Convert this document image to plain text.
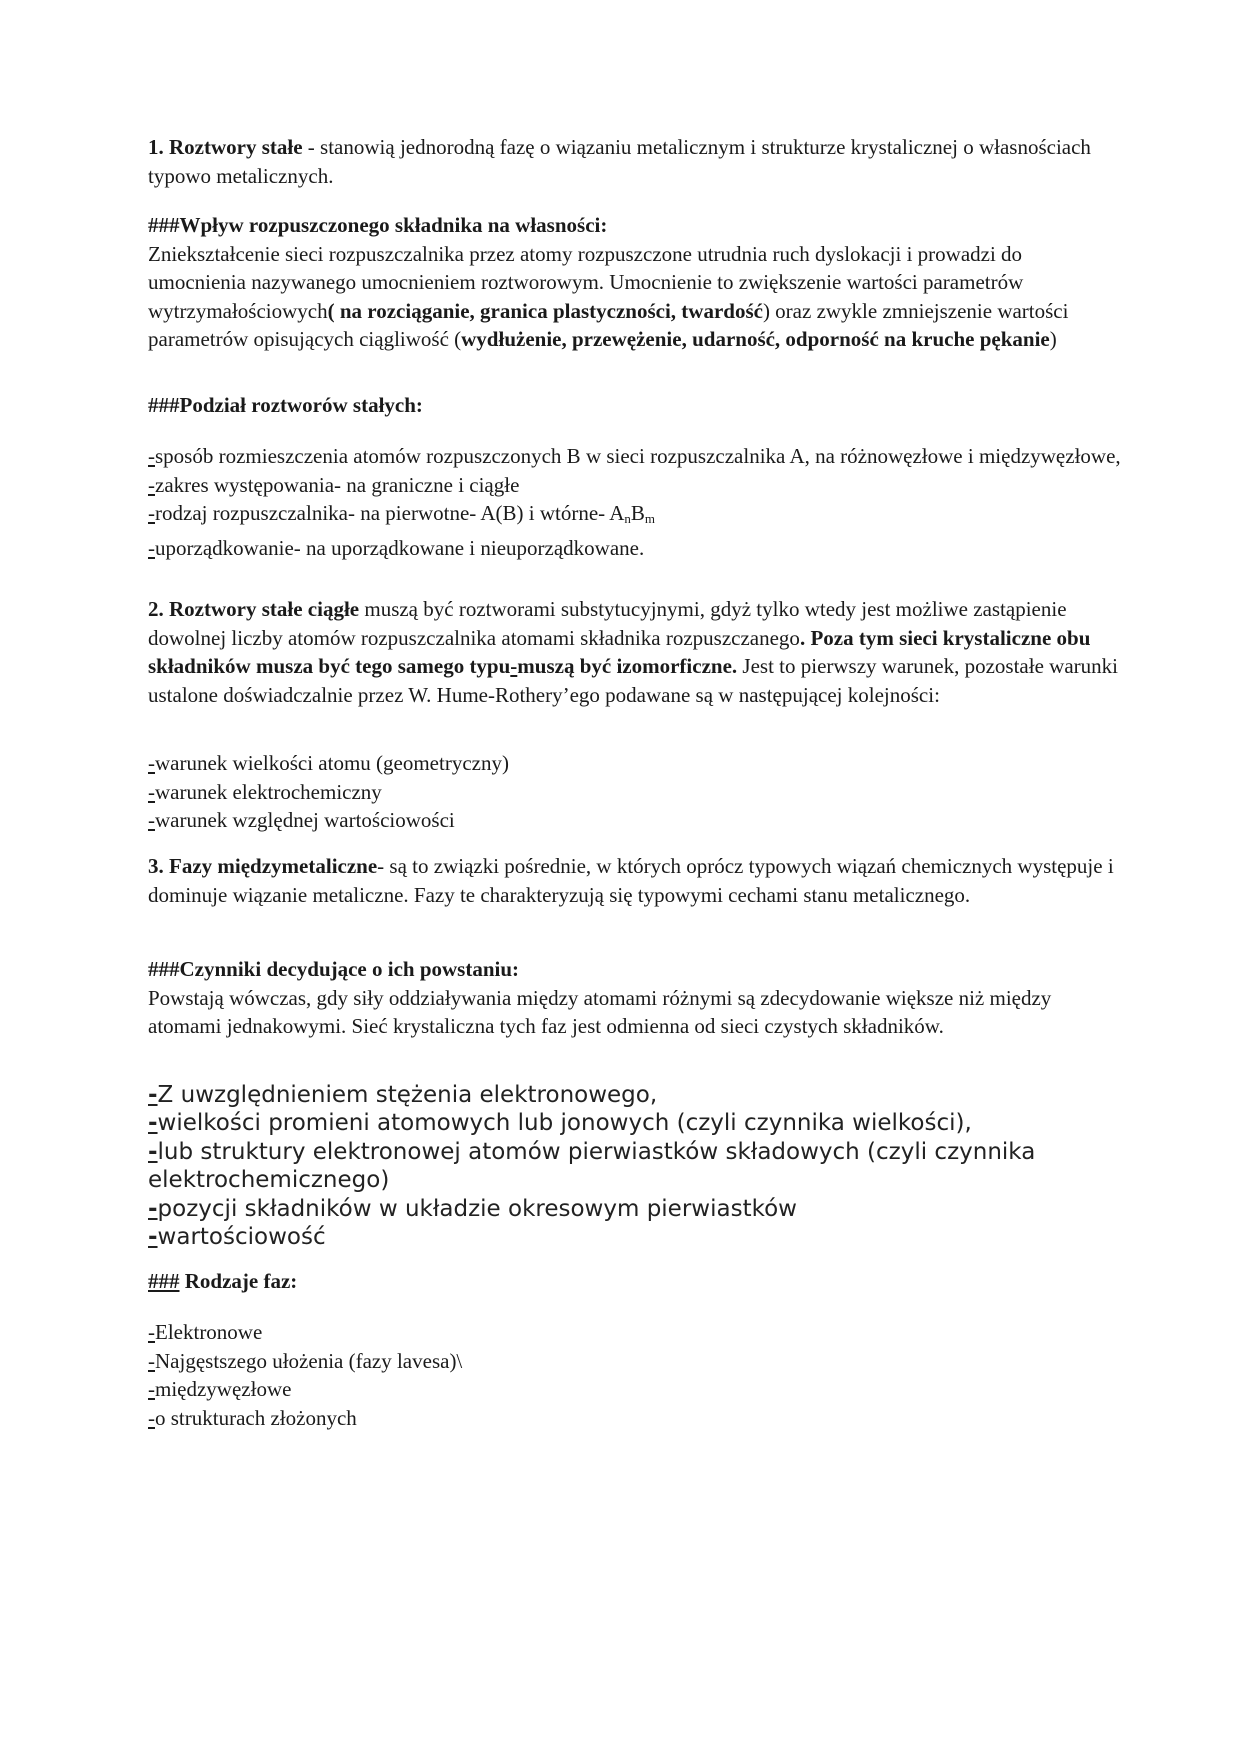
1. Roztwory stałe - stanowią jednorodną fazę o wiązaniu metalicznym i strukturze krystalicznej o własnościach typowo metalicznych.
###Wpływ rozpuszczonego składnika na własności:
Zniekształcenie sieci rozpuszczalnika przez atomy rozpuszczone utrudnia ruch dyslokacji i prowadzi do umocnienia nazywanego umocnieniem roztworowym. Umocnienie to zwiększenie wartości parametrów wytrzymałościowych( na rozciąganie, granica plastyczności, twardość) oraz zwykle zmniejszenie wartości parametrów opisujących ciągliwość (wydłużenie, przewężenie, udarność, odporność na kruche pękanie)
###Podział roztworów stałych:
-sposób rozmieszczenia atomów rozpuszczonych B w sieci rozpuszczalnika A, na różnowęzłowe i międzywęzłowe,
-zakres występowania- na graniczne i ciągłe
-rodzaj rozpuszczalnika- na pierwotne- A(B) i wtórne- $A_nB_m$
-uporządkowanie- na uporządkowane i nieuporządkowane.
2. Roztwory stałe ciągłe muszą być roztworami substytucyjnymi, gdyż tylko wtedy jest możliwe zastąpienie dowolnej liczby atomów rozpuszczalnika atomami składnika rozpuszczanego. Poza tym sieci krystaliczne obu składników musza być tego samego typu-muszą być izomorficzne. Jest to pierwszy warunek, pozostałe warunki ustalone doświadczalnie przez W. Hume-Rothery’ego podawane są w następującej kolejności:
-warunek wielkości atomu (geometryczny)
-warunek elektrochemiczny
-warunek względnej wartościowości
3. Fazy międzymetaliczne- są to związki pośrednie, w których oprócz typowych wiązań chemicznych występuje i dominuje wiązanie metaliczne. Fazy te charakteryzują się typowymi cechami stanu metalicznego.
###Czynniki decydujące o ich powstaniu:
Powstają wówczas, gdy siły oddziaływania między atomami różnymi są zdecydowanie większe niż między atomami jednakowymi. Sieć krystaliczna tych faz jest odmienna od sieci czystych składników.
-Z uwzględnieniem stężenia elektronowego,
-wielkości promieni atomowych lub jonowych (czyli czynnika wielkości),
-lub struktury elektronowej atomów pierwiastków składowych (czyli czynnika elektrochemicznego)
-pozycji składników w układzie okresowym pierwiastków
-wartościowość
### Rodzaje faz:
-Elektronowe
-Najgęstszego ułożenia (fazy lavesa)\
-międzywęzłowe
-o strukturach złożonych
